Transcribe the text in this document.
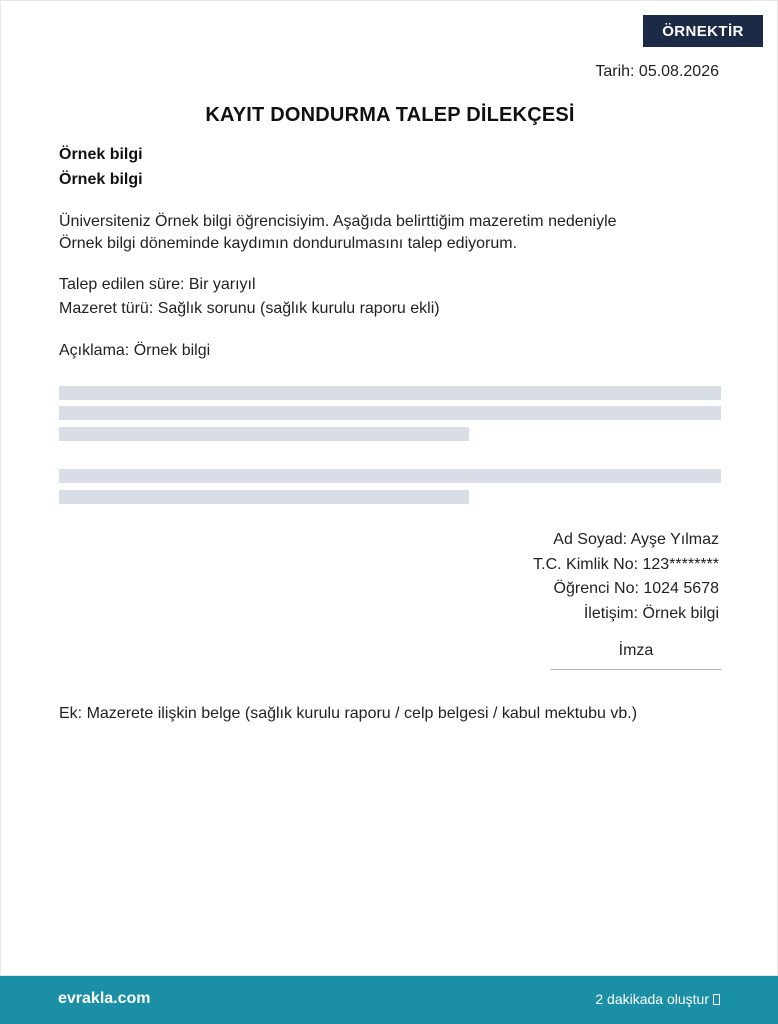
ÖRNEKTİR
Tarih: 05.08.2026
KAYIT DONDURMA TALEP DİLEKÇESİ
Örnek bilgi
Örnek bilgi
Üniversiteniz Örnek bilgi öğrencisiyim. Aşağıda belirttiğim mazeretim nedeniyle
Örnek bilgi döneminde kaydımın dondurulmasını talep ediyorum.
Talep edilen süre: Bir yarıyıl
Mazeret türü: Sağlık sorunu (sağlık kurulu raporu ekli)
Açıklama: Örnek bilgi
Ad Soyad: Ayşe Yılmaz
T.C. Kimlik No: 123********
Öğrenci No: 1024 5678
İletişim: Örnek bilgi
İmza
Ek: Mazerete ilişkin belge (sağlık kurulu raporu / celp belgesi / kabul mektubu vb.)
evrakla.com	2 dakikada oluştur
